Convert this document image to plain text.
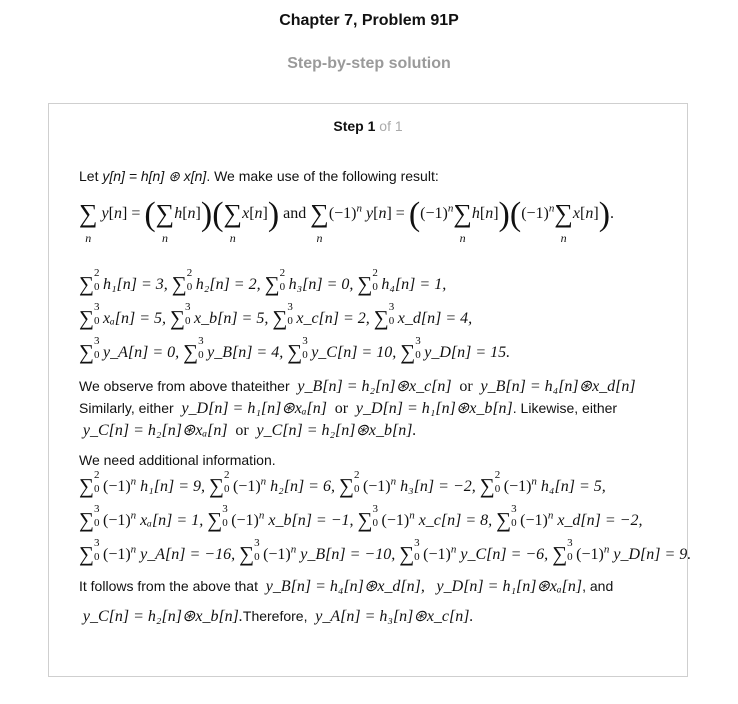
Chapter 7, Problem 91P
Step-by-step solution
Step 1 of 1
Let y[n] = h[n] ⊛ x[n]. We make use of the following result:
∑
n
y[n] = (∑
n
h[n])(∑
n
x[n]) and ∑
n
$(-1)^n$ $y[n] = ((-1)^n\sum$
n
$h[n])((-1)^n\sum$
n
x[n]).
∑ 2
0 h₁[n] = 3, ∑ 2
0 h₂[n] = 2, ∑ 2
0 h₃[n] = 0, ∑ 2
0 h₄[n] = 1,
∑ 3
0 xₐ[n] = 5, ∑ 3
0 x_b[n] = 5, ∑ 3
0 x_c[n] = 2, ∑ 3
0 x_d[n] = 4,
∑ 3
0 y_A[n] = 0, ∑ 3
0 y_B[n] = 4, ∑ 3
0 y_C[n] = 10, ∑ 3
0 y_D[n] = 15.
We observe from above thateither y_B[n] = h₂[n]⊛x_c[n] or y_B[n] = h₄[n]⊛x_d[n]
Similarly, either y_D[n] = h₁[n]⊛xₐ[n] or y_D[n] = h₁[n]⊛x_b[n]. Likewise, either
y_C[n] = h₂[n]⊛xₐ[n] or y_C[n] = h₂[n]⊛x_b[n].
We need additional information.
∑ 2
0 $(-1)^n$ h₁[n] = 9, ∑ 2
0 $(-1)^n$ h₂[n] = 6, ∑ 2
0 $(-1)^n$ h₃[n] = −2, ∑ 2
0 $(-1)^n$ h₄[n] = 5,
∑ 3
0 $(-1)^n$ xₐ[n] = 1, ∑ 3
0 $(-1)^n$ x_b[n] = −1, ∑ 3
0 $(-1)^n$ x_c[n] = 8, ∑ 3
0 $(-1)^n$ x_d[n] = −2,
∑ 3
0 $(-1)^n$ y_A[n] = −16, ∑ 3
0 $(-1)^n$ y_B[n] = −10, ∑ 3
0 $(-1)^n$ y_C[n] = −6, ∑ 3
0 $(-1)^n$ y_D[n] = 9.
It follows from the above that y_B[n] = h₄[n]⊛x_d[n], y_D[n] = h₁[n]⊛xₐ[n], and
y_C[n] = h₂[n]⊛x_b[n].Therefore, y_A[n] = h₃[n]⊛x_c[n].
